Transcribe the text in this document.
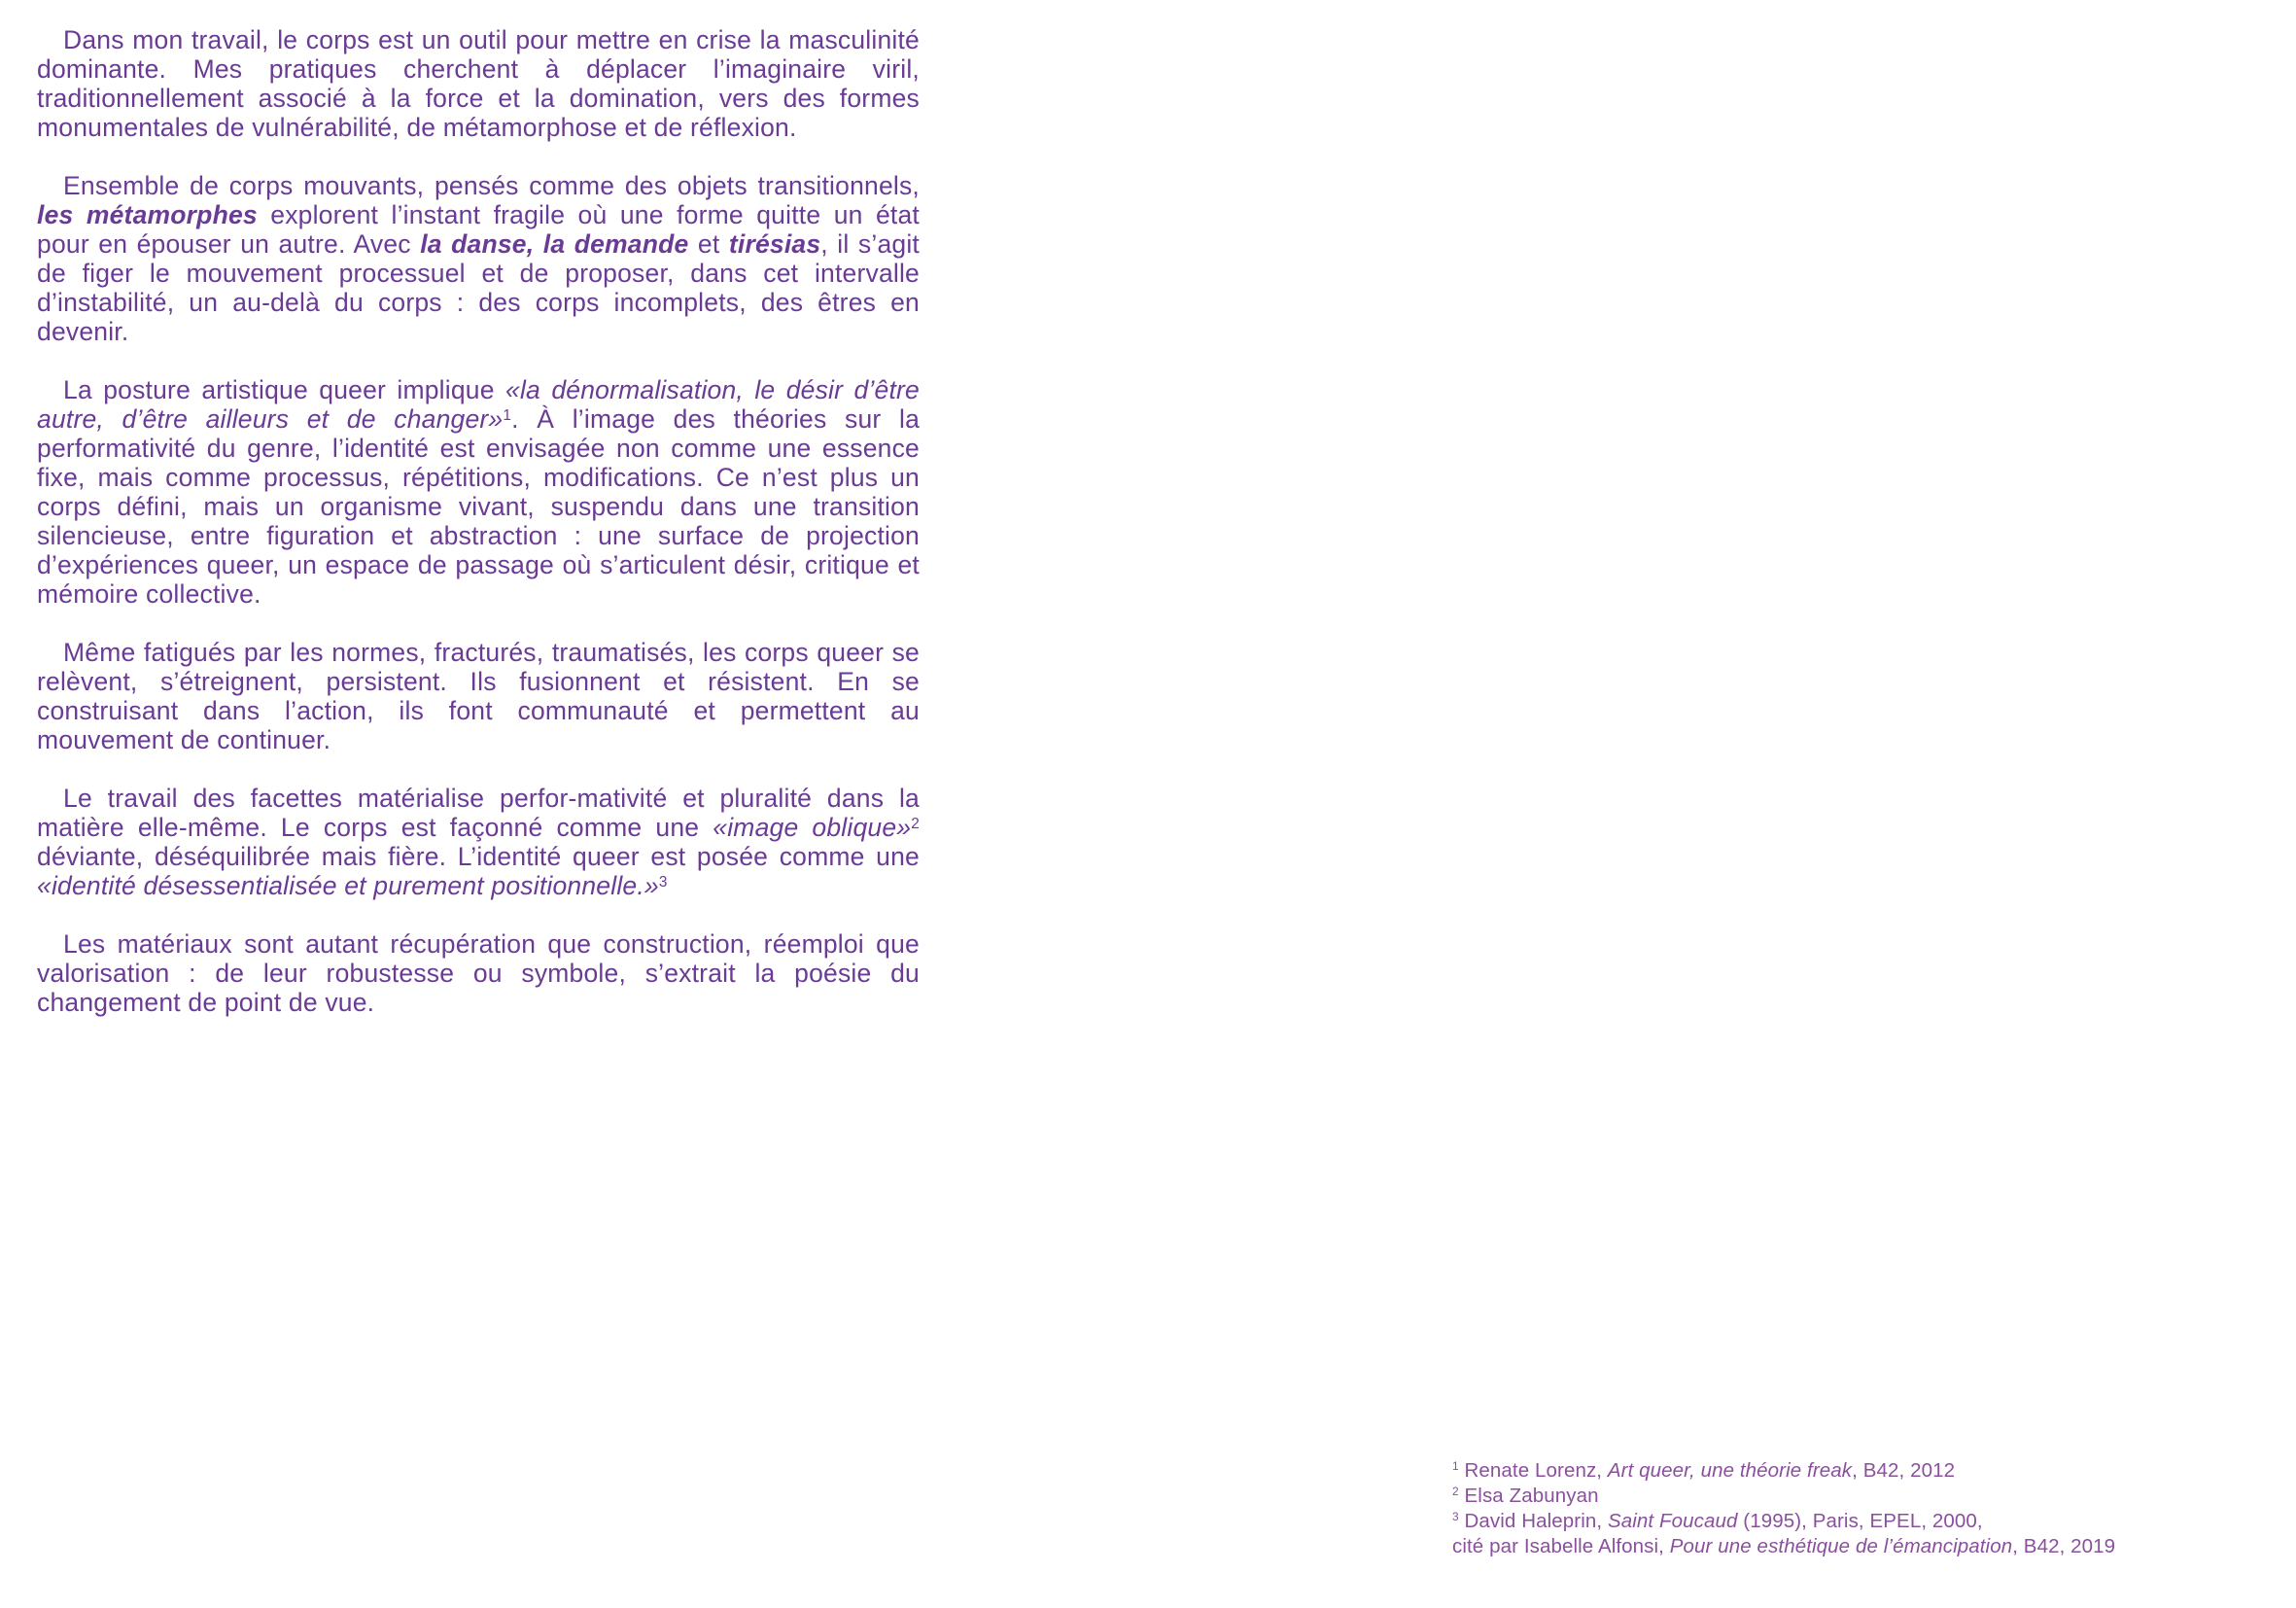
Dans mon travail, le corps est un outil pour mettre en crise la masculinité dominante. Mes pratiques cherchent à déplacer l’imaginaire viril, traditionnellement associé à la force et la domination, vers des formes monumentales de vulnérabilité, de métamorphose et de réflexion.

Ensemble de corps mouvants, pensés comme des objets transitionnels, les métamorphes explorent l’instant fragile où une forme quitte un état pour en épouser un autre. Avec la danse, la demande et tirésias, il s’agit de figer le mouvement processuel et de proposer, dans cet intervalle d’instabilité, un au-delà du corps : des corps incomplets, des êtres en devenir.

La posture artistique queer implique «la dénormalisation, le désir d’être autre, d’être ailleurs et de changer»$^1$. À l’image des théories sur la performativité du genre, l’identité est envisagée non comme une essence fixe, mais comme processus, répétitions, modifications. Ce n’est plus un corps défini, mais un organisme vivant, suspendu dans une transition silencieuse, entre figuration et abstraction : une surface de projection d’expériences queer, un espace de passage où s’articulent désir, critique et mémoire collective.

Même fatigués par les normes, fracturés, traumatisés, les corps queer se relèvent, s’étreignent, persistent. Ils fusionnent et résistent. En se construisant dans l’action, ils font communauté et permettent au mouvement de continuer.

Le travail des facettes matérialise perfor-mativité et pluralité dans la matière elle-même. Le corps est façonné comme une «image oblique»$^2$ déviante, déséquilibrée mais fière. L’identité queer est posée comme une «identité désessentialisée et purement positionnelle.»$^3$

Les matériaux sont autant récupération que construction, réemploi que valorisation : de leur robustesse ou symbole, s’extrait la poésie du changement de point de vue.

$^1$ Renate Lorenz, Art queer, une théorie freak, B42, 2012
$^2$ Elsa Zabunyan
$^3$ David Haleprin, Saint Foucaud (1995), Paris, EPEL, 2000,
cité par Isabelle Alfonsi, Pour une esthétique de l’émancipation, B42, 2019
